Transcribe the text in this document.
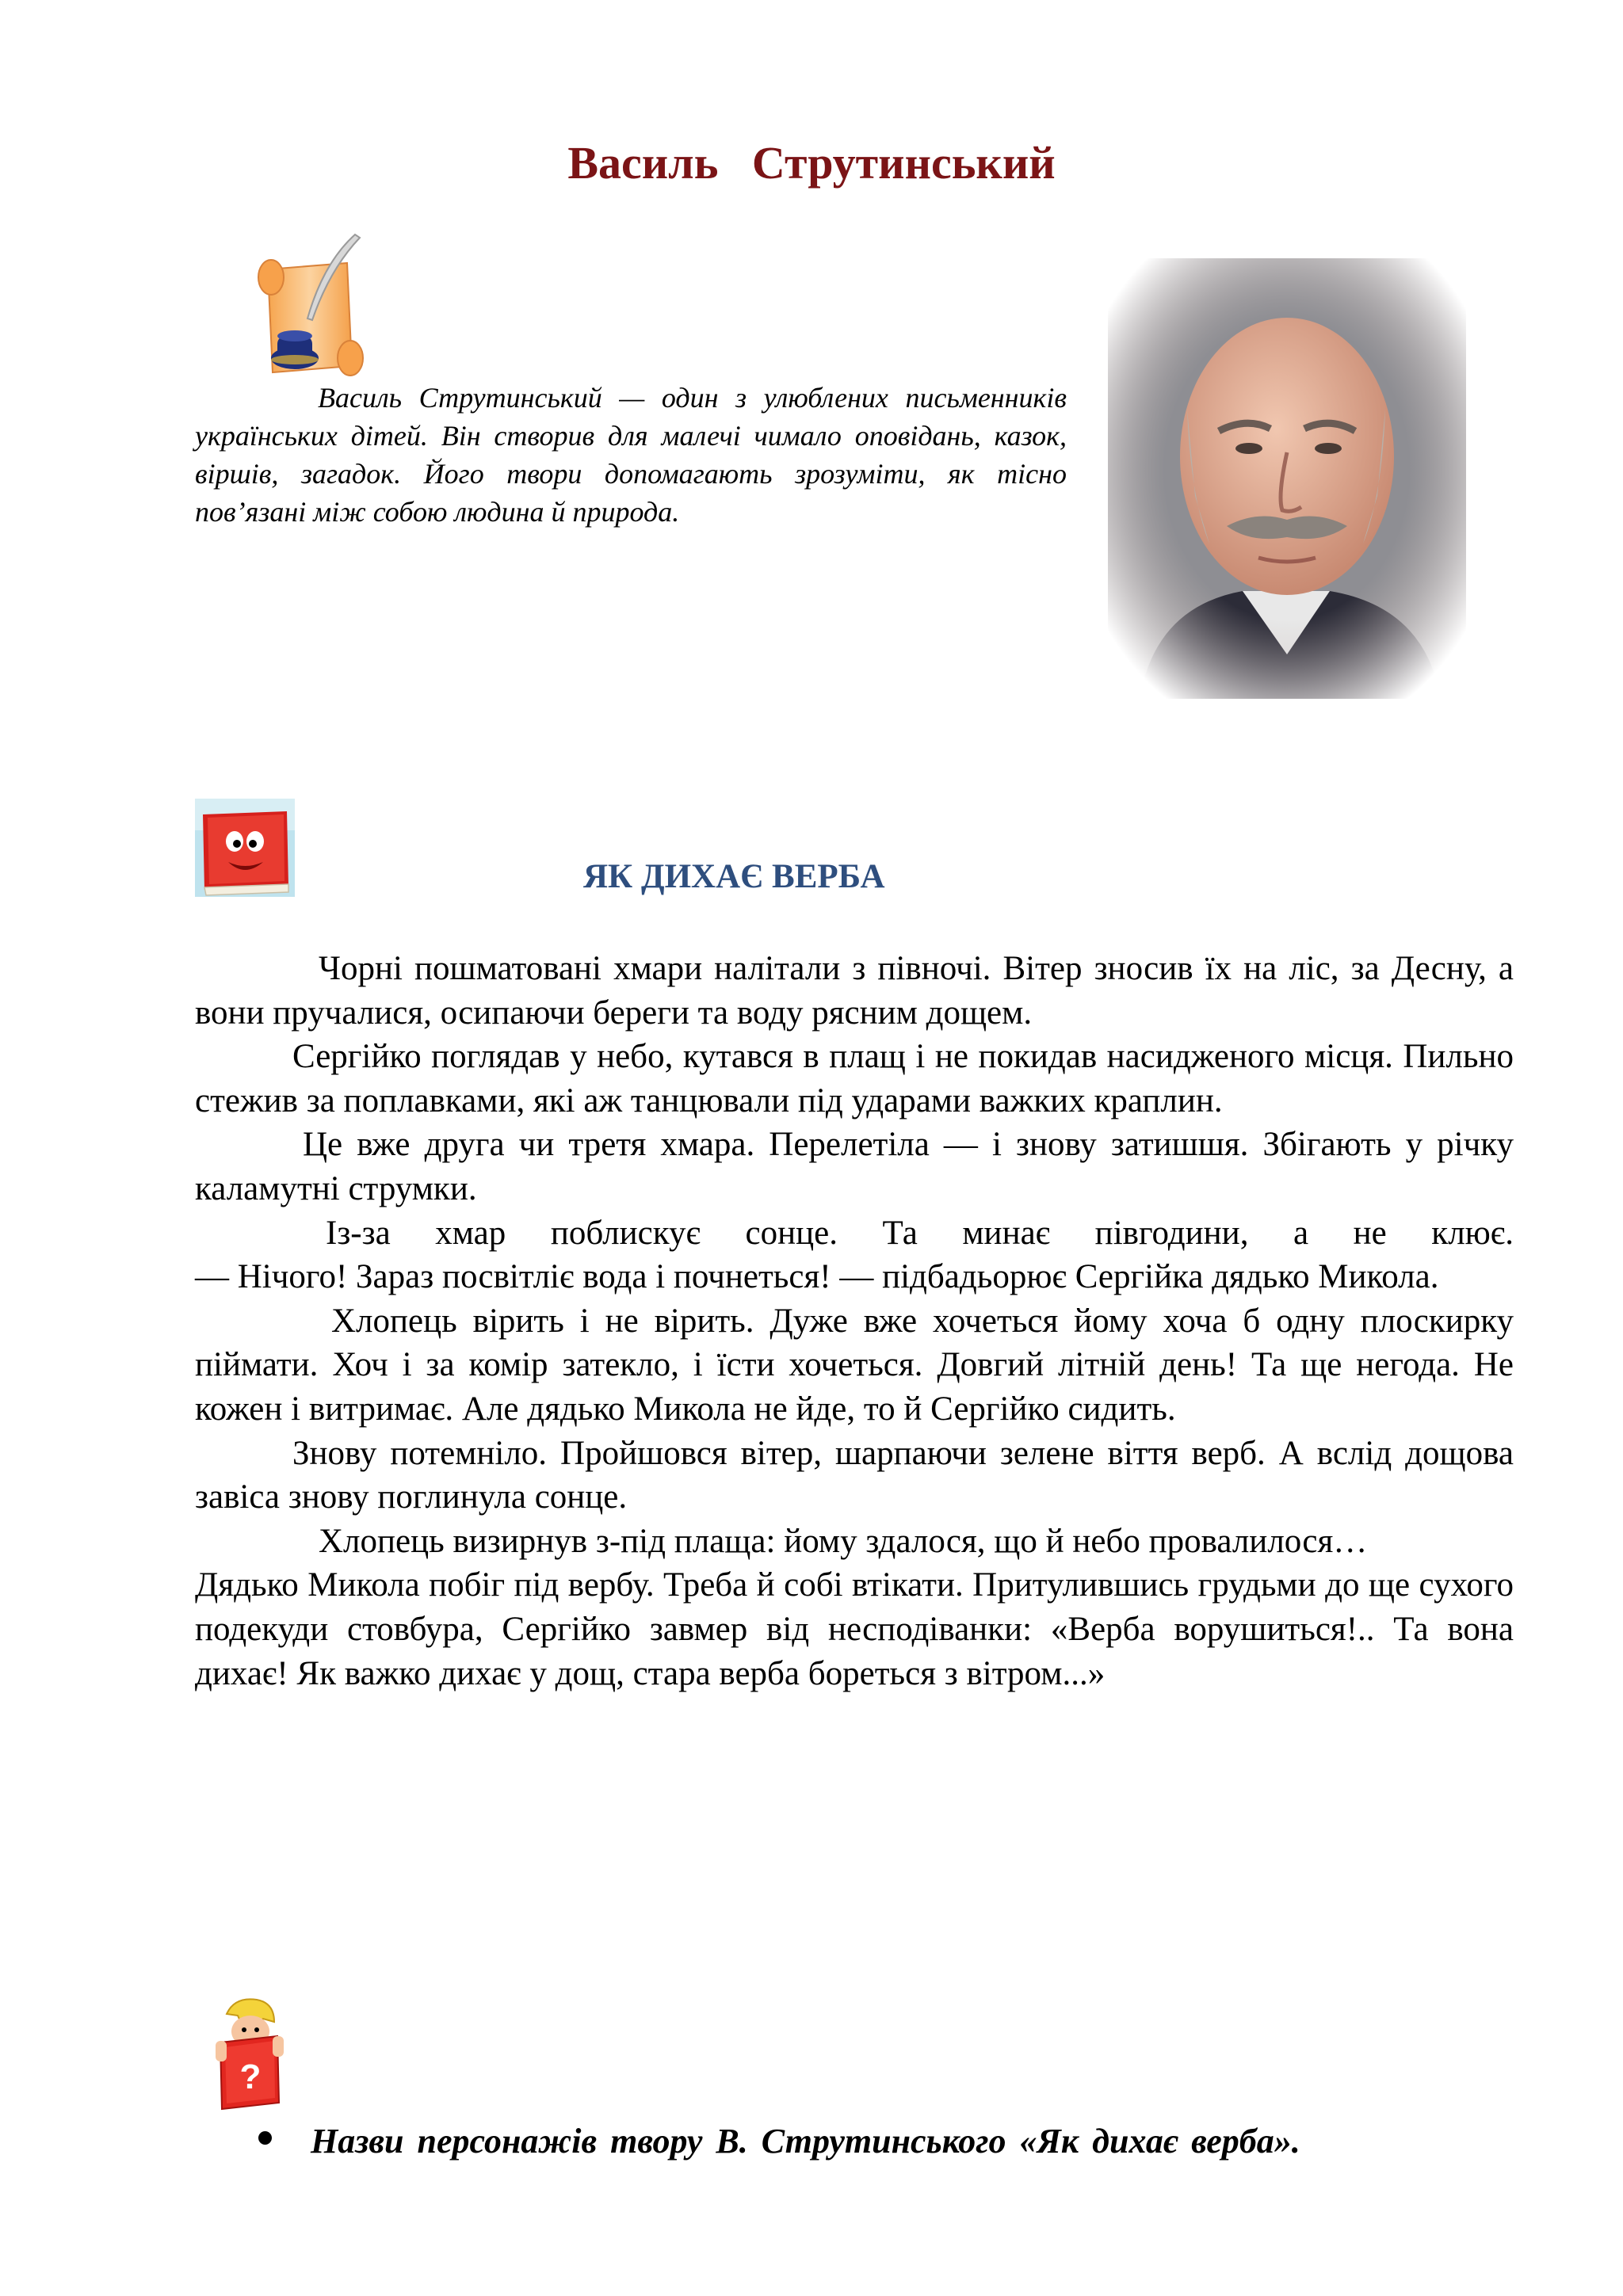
Василь Струтинський

Василь Струтинський — один з улюблених письменників українських дітей. Він створив для малечі чимало оповідань, казок, віршів, загадок. Його твори допомагають зрозуміти, як тісно пов’язані між собою людина й природа.

ЯК ДИХАЄ ВЕРБА

Чорні пошматовані хмари налітали з півночі. Вітер зносив їх на ліс, за Десну, а вони пручалися, осипаючи береги та воду рясним дощем.

Сергійко поглядав у небо, кутався в плащ і не покидав насидженого місця. Пильно стежив за поплавками, які аж танцювали під ударами важких краплин.

Це вже друга чи третя хмара. Перелетіла — і знову затишшя. Збігають у річку каламутні струмки.

Із-за хмар поблискує сонце. Та минає півгодини, а не клює.

— Нічого! Зараз посвітліє вода і почнеться! — підбадьорює Сергійка дядько Микола.

Хлопець вірить і не вірить. Дуже вже хочеться йому хоча б одну плоскирку піймати. Хоч і за комір затекло, і їсти хочеться. Довгий літній день! Та ще негода. Не кожен і витримає. Але дядько Микола не йде, то й Сергійко сидить.

Знову потемніло. Пройшовся вітер, шарпаючи зелене віття верб. А вслід дощова завіса знову поглинула сонце.

Хлопець визирнув з-під плаща: йому здалося, що й небо провалилося…

Дядько Микола побіг під вербу. Треба й собі втікати. Притулившись грудьми до ще сухого подекуди стовбура, Сергійко завмер від несподіванки: «Верба ворушиться!.. Та вона дихає! Як важко дихає у дощ, стара верба бореться з вітром...»

?

Назви персонажів твору В. Струтинського «Як дихає верба».
